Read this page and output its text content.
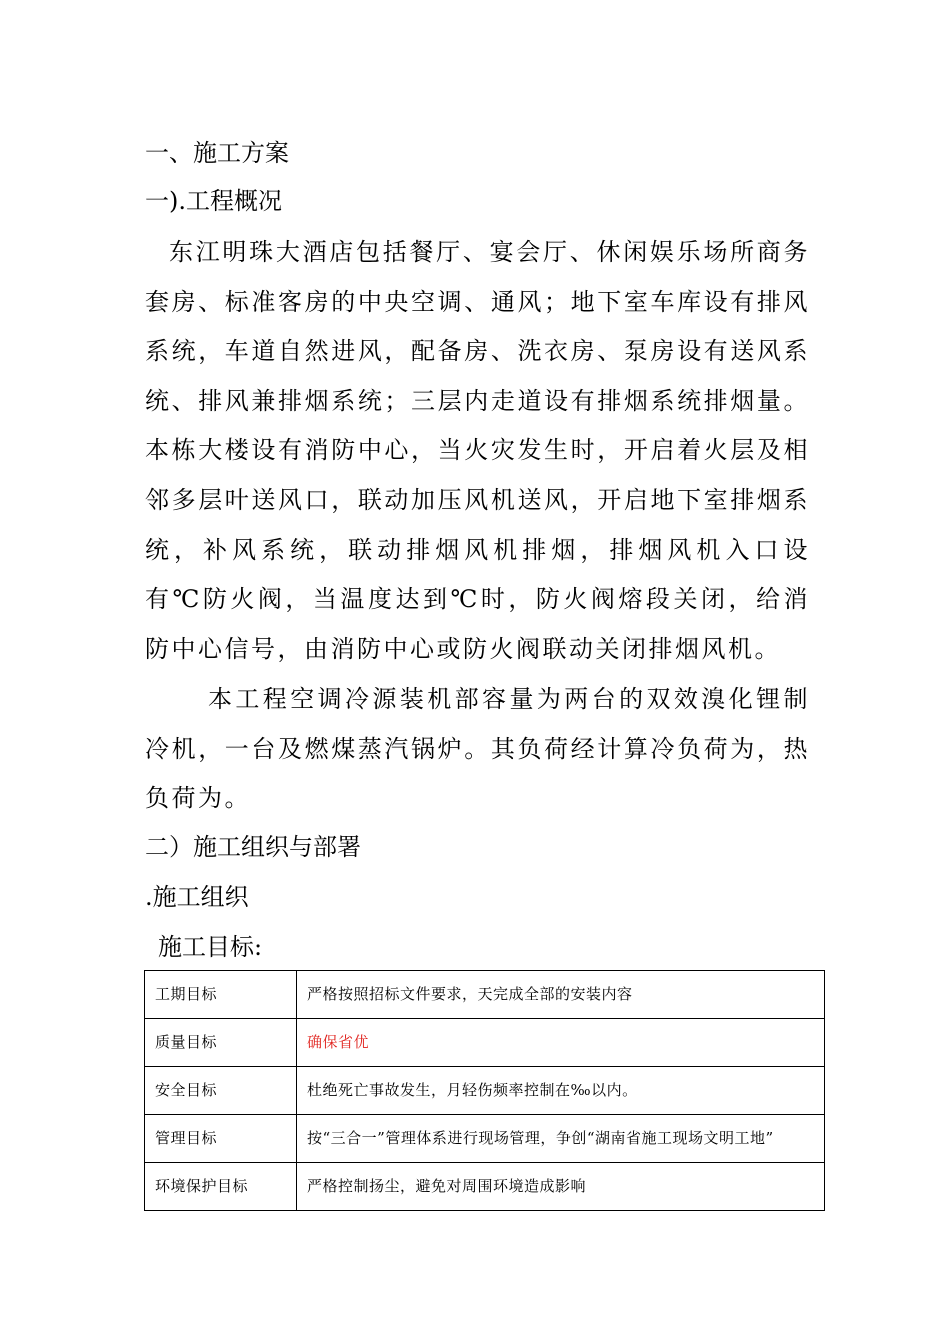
一、施工方案
一).工程概况

东江明珠大酒店包括餐厅、宴会厅、休闲娱乐场所商务套房、标准客房的中央空调、通风；地下室车库设有排风系统，车道自然进风，配备房、洗衣房、泵房设有送风系统、排风兼排烟系统；三层内走道设有排烟系统排烟量。本栋大楼设有消防中心，当火灾发生时，开启着火层及相邻多层叶送风口，联动加压风机送风，开启地下室排烟系统，补风系统，联动排烟风机排烟，排烟风机入口设有℃防火阀，当温度达到℃时，防火阀熔段关闭，给消防中心信号，由消防中心或防火阀联动关闭排烟风机。

本工程空调冷源装机部容量为两台的双效溴化锂制冷机，一台及燃煤蒸汽锅炉。其负荷经计算冷负荷为，热负荷为。

二）施工组织与部署
.施工组织
施工目标:
工期目标	严格按照招标文件要求，天完成全部的安装内容
质量目标	确保省优
安全目标	杜绝死亡事故发生，月轻伤频率控制在‰以内。
管理目标	按“三合一”管理体系进行现场管理，争创“湖南省施工现场文明工地”
环境保护目标	严格控制扬尘，避免对周围环境造成影响
